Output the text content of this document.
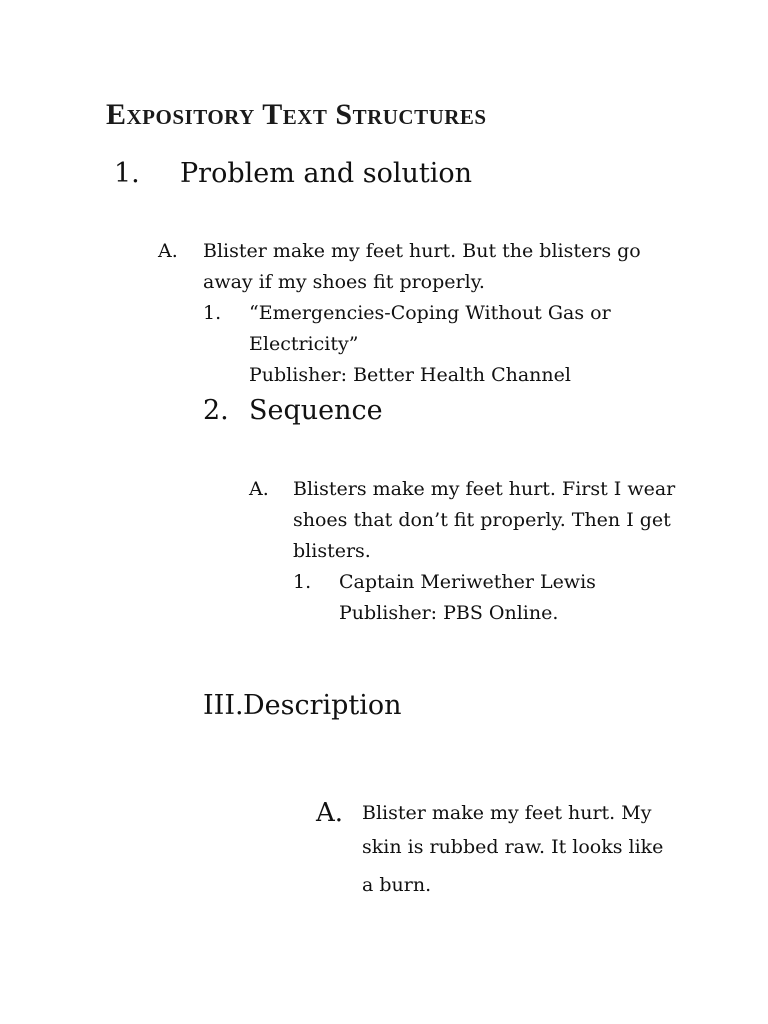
Expository Text Structures
1. Problem and solution
A. Blister make my feet hurt. But the blisters go
away if my shoes fit properly.
1. “Emergencies-Coping Without Gas or
Electricity”
Publisher: Better Health Channel
2. Sequence
A. Blisters make my feet hurt. First I wear
shoes that don’t fit properly. Then I get
blisters.
1. Captain Meriwether Lewis
Publisher: PBS Online.
III. Description
A. Blister make my feet hurt. My
skin is rubbed raw. It looks like
a burn.
